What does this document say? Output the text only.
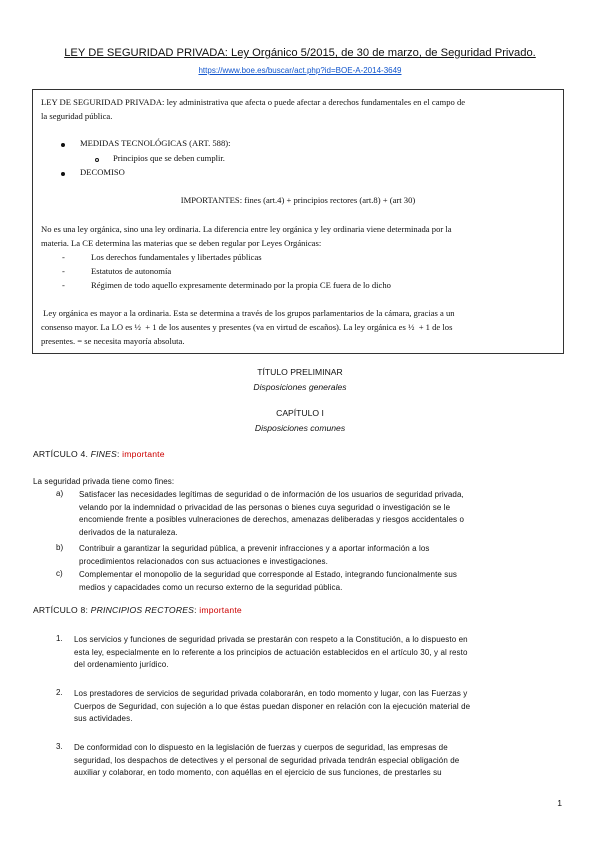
LEY DE SEGURIDAD PRIVADA: Ley Orgánico 5/2015, de 30 de marzo, de Seguridad Privado.
https://www.boe.es/buscar/act.php?id=BOE-A-2014-3649

LEY DE SEGURIDAD PRIVADA: ley administrativa que afecta o puede afectar a derechos fundamentales en el campo de

la seguridad pública.

MEDIDAS TECNOLÓGICAS (ART. 588):

Principios que se deben cumplir.

DECOMISO

IMPORTANTES: fines (art.4) + principios rectores (art.8) + (art 30)

No es una ley orgánica, sino una ley ordinaria. La diferencia entre ley orgánica y ley ordinaria viene determinada por la

materia. La CE determina las materias que se deben regular por Leyes Orgánicas:

-	Los derechos fundamentales y libertades públicas

-	Estatutos de autonomía

-	Régimen de todo aquello expresamente determinado por la propia CE fuera de lo dicho

Ley orgánica es mayor a la ordinaria. Esta se determina a través de los grupos parlamentarios de la cámara, gracias a un

consenso mayor. La LO es ½  + 1 de los ausentes y presentes (va en virtud de escaños). La ley orgánica es ½  + 1 de los

presentes. = se necesita mayoría absoluta.

TÍTULO PRELIMINAR
Disposiciones generales
CAPÍTULO I
Disposiciones comunes
ARTÍCULO 4. FINES: importante
La seguridad privada tiene como fines:
a) Satisfacer las necesidades legítimas de seguridad o de información de los usuarios de seguridad privada,
velando por la indemnidad o privacidad de las personas o bienes cuya seguridad o investigación se le
encomiende frente a posibles vulneraciones de derechos, amenazas deliberadas y riesgos accidentales o
derivados de la naturaleza.
b) Contribuir a garantizar la seguridad pública, a prevenir infracciones y a aportar información a los
procedimientos relacionados con sus actuaciones e investigaciones.
c) Complementar el monopolio de la seguridad que corresponde al Estado, integrando funcionalmente sus
medios y capacidades como un recurso externo de la seguridad pública.
ARTÍCULO 8: PRINCIPIOS RECTORES: importante
1. Los servicios y funciones de seguridad privada se prestarán con respeto a la Constitución, a lo dispuesto en
esta ley, especialmente en lo referente a los principios de actuación establecidos en el artículo 30, y al resto
del ordenamiento jurídico.
2. Los prestadores de servicios de seguridad privada colaborarán, en todo momento y lugar, con las Fuerzas y
Cuerpos de Seguridad, con sujeción a lo que éstas puedan disponer en relación con la ejecución material de
sus actividades.
3. De conformidad con lo dispuesto en la legislación de fuerzas y cuerpos de seguridad, las empresas de
seguridad, los despachos de detectives y el personal de seguridad privada tendrán especial obligación de
auxiliar y colaborar, en todo momento, con aquéllas en el ejercicio de sus funciones, de prestarles su
1
